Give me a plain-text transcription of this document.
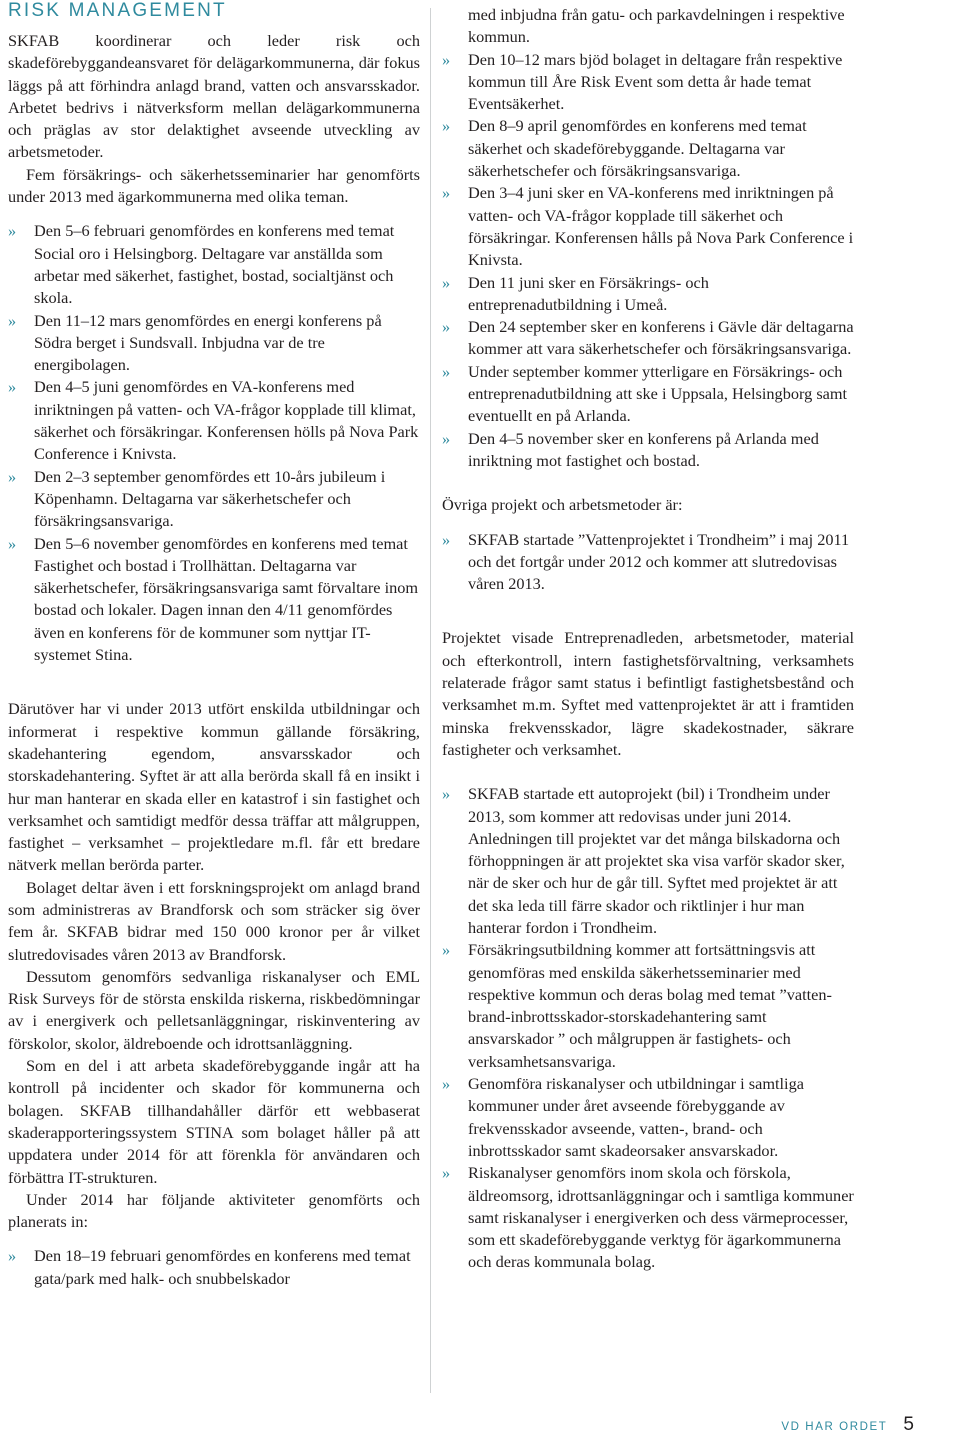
RISK MANAGEMENT

SKFAB koordinerar och leder risk och skadeförebyggandeansvaret för delägarkommunerna, där fokus läggs på att förhindra anlagd brand, vatten och ansvarsskador. Arbetet bedrivs i nätverksform mellan delägarkommunerna och präglas av stor delaktighet avseende utveckling av arbetsmetoder.

Fem försäkrings- och säkerhetsseminarier har genomförts under 2013 med ägarkommunerna med olika teman.

» Den 5–6 februari genomfördes en konferens med temat Social oro i Helsingborg. Deltagare var anställda som arbetar med säkerhet, fastighet, bostad, socialtjänst och skola.
» Den 11–12 mars genomfördes en energi konferens på Södra berget i Sundsvall. Inbjudna var de tre energibolagen.
» Den 4–5 juni genomfördes en VA-konferens med inriktningen på vatten- och VA-frågor kopplade till klimat, säkerhet och försäkringar. Konferensen hölls på Nova Park Conference i Knivsta.
» Den 2–3 september genomfördes ett 10-års jubileum i Köpenhamn. Deltagarna var säkerhetschefer och försäkringsansvariga.
» Den 5–6 november genomfördes en konferens med temat Fastighet och bostad i Trollhättan. Deltagarna var säkerhetschefer, försäkringsansvariga samt förvaltare inom bostad och lokaler. Dagen innan den 4/11 genomfördes även en konferens för de kommuner som nyttjar IT-systemet Stina.

Därutöver har vi under 2013 utfört enskilda utbildningar och informerat i respektive kommun gällande försäkring, skadehantering egendom, ansvarsskador och storskadehantering. Syftet är att alla berörda skall få en insikt i hur man hanterar en skada eller en katastrof i sin fastighet och verksamhet och samtidigt medför dessa träffar att målgruppen, fastighet – verksamhet – projektledare m.fl. får ett bredare nätverk mellan berörda parter.

Bolaget deltar även i ett forskningsprojekt om anlagd brand som administreras av Brandforsk och som sträcker sig över fem år. SKFAB bidrar med 150 000 kronor per år vilket slutredovisades våren 2013 av Brandforsk.

Dessutom genomförs sedvanliga riskanalyser och EML Risk Surveys för de största enskilda riskerna, riskbedömningar av i energiverk och pelletsanläggningar, riskinventering av förskolor, skolor, äldreboende och idrottsanläggning.

Som en del i att arbeta skadeförebyggande ingår att ha kontroll på incidenter och skador för kommunerna och bolagen. SKFAB tillhandahåller därför ett webbaserat skaderapporteringssystem STINA som bolaget håller på att uppdatera under 2014 för att förenkla för användaren och förbättra IT-strukturen.

Under 2014 har följande aktiviteter genomförts och planerats in:

» Den 18–19 februari genomfördes en konferens med temat gata/park med halk- och snubbelskador
med inbjudna från gatu- och parkavdelningen i respektive kommun.
» Den 10–12 mars bjöd bolaget in deltagare från respektive kommun till Åre Risk Event som detta år hade temat Eventsäkerhet.
» Den 8–9 april genomfördes en konferens med temat säkerhet och skadeförebyggande. Deltagarna var säkerhetschefer och försäkringsansvariga.
» Den 3–4 juni sker en VA-konferens med inriktningen på vatten- och VA-frågor kopplade till säkerhet och försäkringar. Konferensen hålls på Nova Park Conference i Knivsta.
» Den 11 juni sker en Försäkrings- och entreprenadutbildning i Umeå.
» Den 24 september sker en konferens i Gävle där deltagarna kommer att vara säkerhetschefer och försäkringsansvariga.
» Under september kommer ytterligare en Försäkrings- och entreprenadutbildning att ske i Uppsala, Helsingborg samt eventuellt en på Arlanda.
» Den 4–5 november sker en konferens på Arlanda med inriktning mot fastighet och bostad.

Övriga projekt och arbetsmetoder är:

» SKFAB startade ”Vattenprojektet i Trondheim” i maj 2011 och det fortgår under 2012 och kommer att slutredovisas våren 2013.

Projektet visade Entreprenadleden, arbetsmetoder, material och efterkontroll, intern fastighetsförvaltning, verksamhets relaterade frågor samt status i befintligt fastighetsbestånd och verksamhet m.m. Syftet med vattenprojektet är att i framtiden minska frekvensskador, lägre skadekostnader, säkrare fastigheter och verksamhet.

» SKFAB startade ett autoprojekt (bil) i Trondheim under 2013, som kommer att redovisas under juni 2014. Anledningen till projektet var det många bilskadorna och förhoppningen är att projektet ska visa varför skador sker, när de sker och hur de går till. Syftet med projektet är att det ska leda till färre skador och riktlinjer i hur man hanterar fordon i Trondheim.
» Försäkringsutbildning kommer att fortsättningsvis att genomföras med enskilda säkerhetsseminarier med respektive kommun och deras bolag med temat ”vatten-brand-inbrottsskador-storskadehantering samt ansvarskador ” och målgruppen är fastighets- och verksamhetsansvariga.
» Genomföra riskanalyser och utbildningar i samtliga kommuner under året avseende förebyggande av frekvensskador avseende, vatten-, brand- och inbrottsskador samt skadeorsaker ansvarskador.
» Riskanalyser genomförs inom skola och förskola, äldreomsorg, idrottsanläggningar och i samtliga kommuner samt riskanalyser i energiverken och dess värmeprocesser, som ett skadeförebyggande verktyg för ägarkommunerna och deras kommunala bolag.
VD HAR ORDET 5
